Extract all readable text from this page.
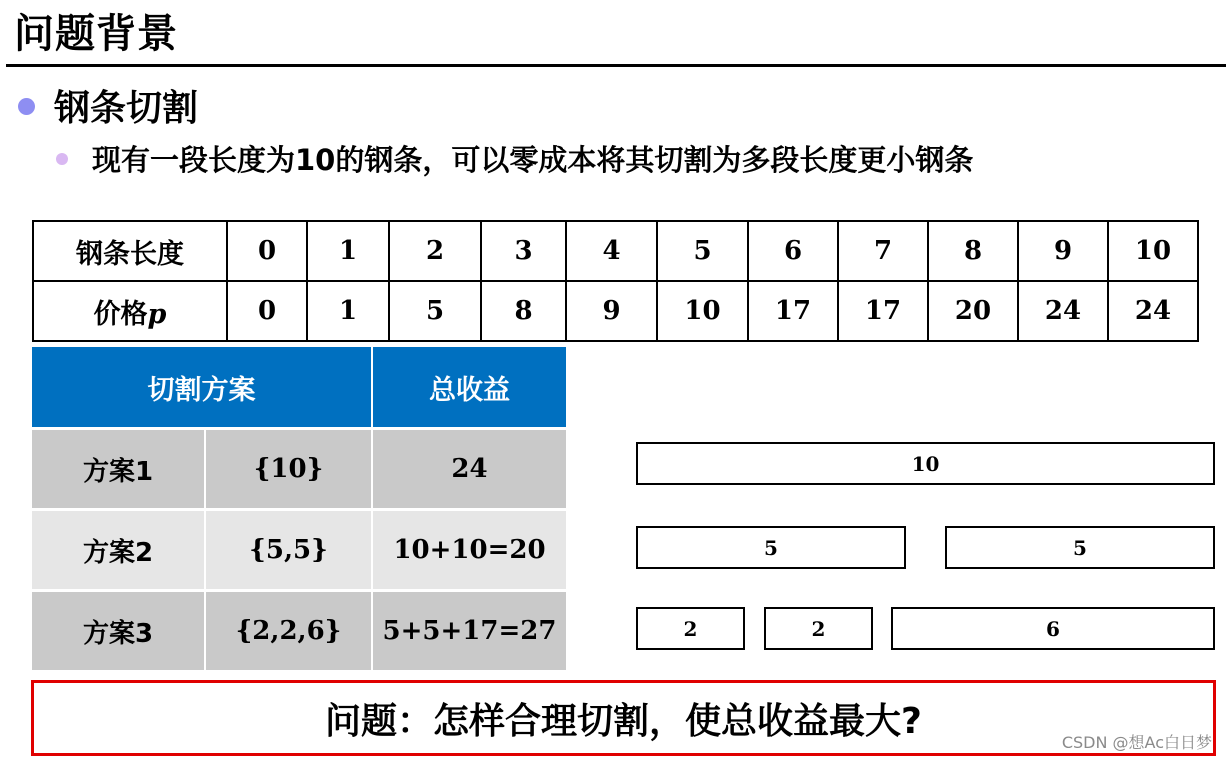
问题背景
钢条切割
现有一段长度为10的钢条，可以零成本将其切割为多段长度更小钢条
钢条长度	0	1	2	3	4	5	6	7	8	9	10
价格p	0	1	5	8	9	10	17	17	20	24	24
切割方案		总收益
方案1	{10}	24
方案2	{5,5}	10+10=20
方案3	{2,2,6}	5+5+17=27
10
5	5
2	2	6
问题：怎样合理切割，使总收益最大?
CSDN @想Ac白日梦
